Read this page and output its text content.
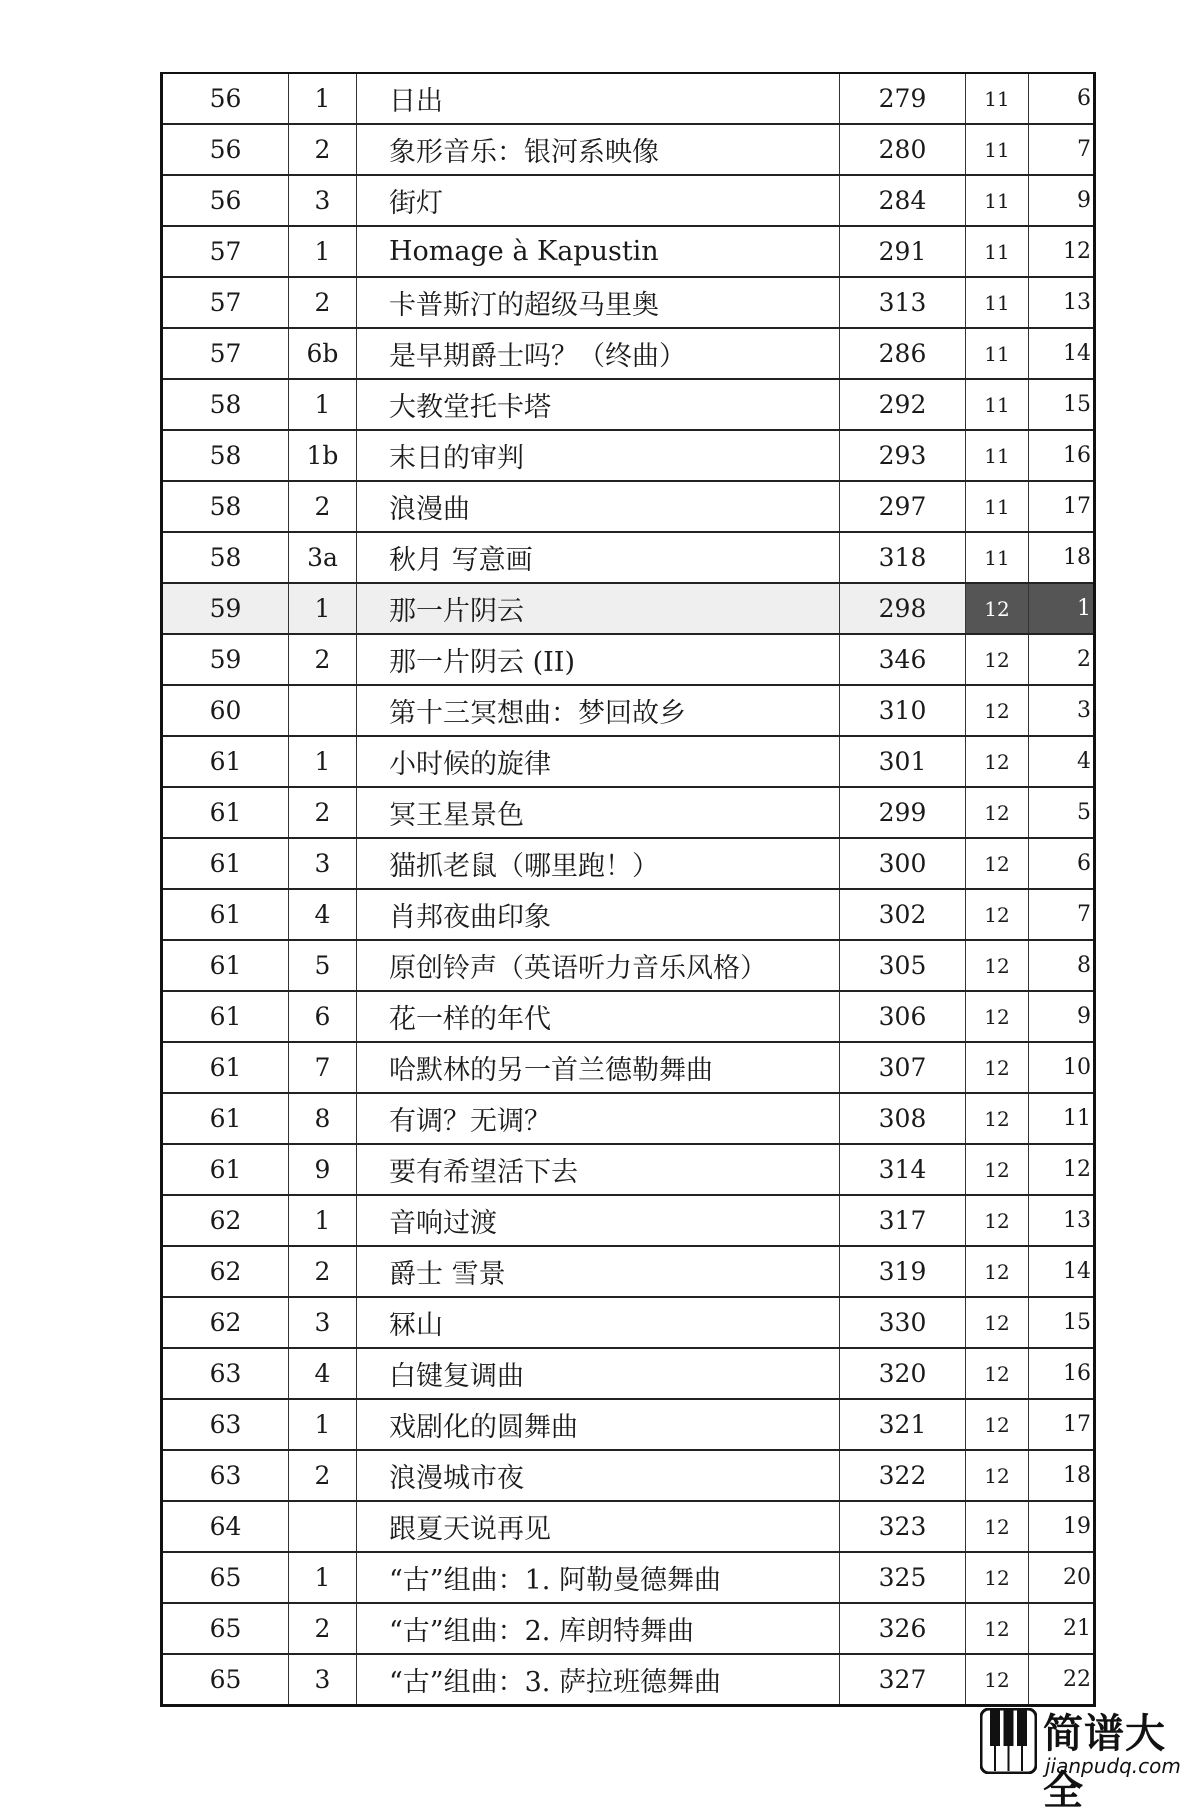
56	1	日出	279	11	6
56	2	象形音乐：银河系映像	280	11	7
56	3	街灯	284	11	9
57	1	Homage à Kapustin	291	11	12
57	2	卡普斯汀的超级马里奥	313	11	13
57	6b	是早期爵士吗？（终曲）	286	11	14
58	1	大教堂托卡塔	292	11	15
58	1b	末日的审判	293	11	16
58	2	浪漫曲	297	11	17
58	3a	秋月 写意画	318	11	18
59	1	那一片阴云	298	12	1
59	2	那一片阴云 (II)	346	12	2
60		第十三冥想曲：梦回故乡	310	12	3
61	1	小时候的旋律	301	12	4
61	2	冥王星景色	299	12	5
61	3	猫抓老鼠（哪里跑！）	300	12	6
61	4	肖邦夜曲印象	302	12	7
61	5	原创铃声（英语听力音乐风格）	305	12	8
61	6	花一样的年代	306	12	9
61	7	哈默林的另一首兰德勒舞曲	307	12	10
61	8	有调？无调？	308	12	11
61	9	要有希望活下去	314	12	12
62	1	音响过渡	317	12	13
62	2	爵士 雪景	319	12	14
62	3	冧山	330	12	15
63	4	白键复调曲	320	12	16
63	1	戏剧化的圆舞曲	321	12	17
63	2	浪漫城市夜	322	12	18
64		跟夏天说再见	323	12	19
65	1	“古”组曲：1. 阿勒曼德舞曲	325	12	20
65	2	“古”组曲：2. 库朗特舞曲	326	12	21
65	3	“古”组曲：3. 萨拉班德舞曲	327	12	22
简谱大全
jianpudq.com
